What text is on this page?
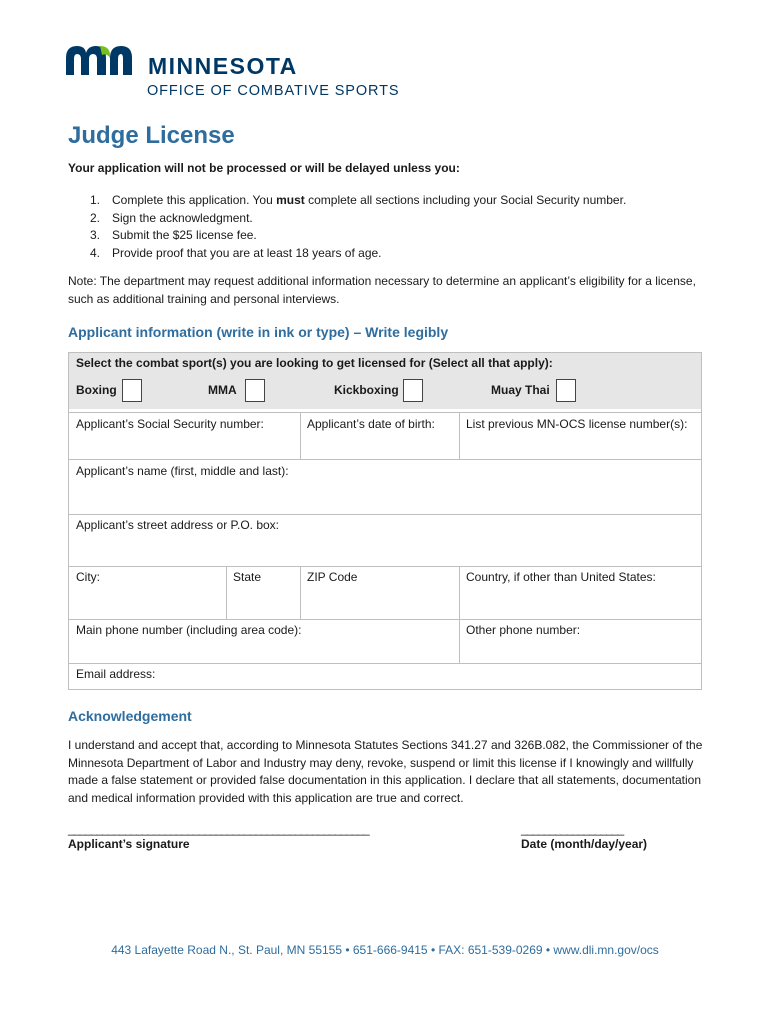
MINNESOTA
OFFICE OF COMBATIVE SPORTS
Judge License
Your application will not be processed or will be delayed unless you:
1. Complete this application. You must complete all sections including your Social Security number.
2. Sign the acknowledgment.
3. Submit the $25 license fee.
4. Provide proof that you are at least 18 years of age.
Note: The department may request additional information necessary to determine an applicant’s eligibility for a license, such as additional training and personal interviews.
Applicant information (write in ink or type) – Write legibly
Select the combat sport(s) you are looking to get licensed for (Select all that apply):
Boxing	MMA	Kickboxing	Muay Thai
Applicant’s Social Security number:	Applicant’s date of birth:	List previous MN-OCS license number(s):
Applicant’s name (first, middle and last):
Applicant’s street address or P.O. box:
City:	State	ZIP Code	Country, if other than United States:
Main phone number (including area code):	Other phone number:
Email address:
Acknowledgement
I understand and accept that, according to Minnesota Statutes Sections 341.27 and 326B.082, the Commissioner of the Minnesota Department of Labor and Industry may deny, revoke, suspend or limit this license if I knowingly and willfully made a false statement or provided false documentation in this application. I declare that all statements, documentation and medical information provided with this application are true and correct.
_____________________________________________________
Applicant’s signature
__________________
Date (month/day/year)
443 Lafayette Road N., St. Paul, MN 55155 • 651-666-9415 • FAX: 651-539-0269 • www.dli.mn.gov/ocs
